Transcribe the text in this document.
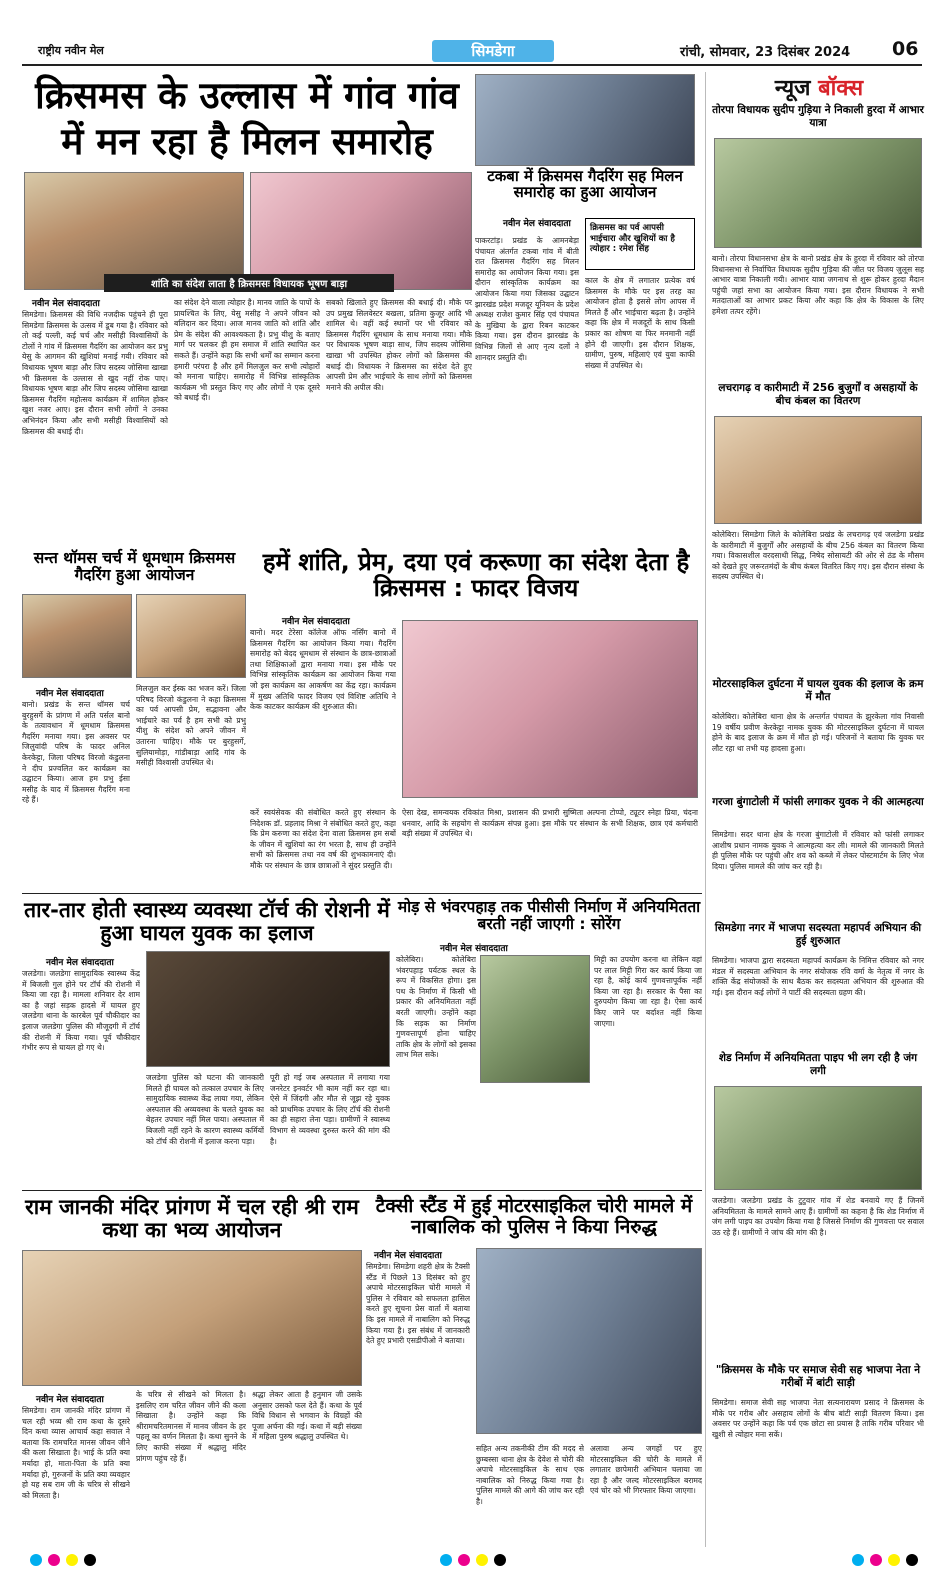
राष्ट्रीय नवीन मेल	सिमडेगा	रांची, सोमवार, 23 दिसंबर 2024 06
क्रिसमस के उल्लास में गांव गांव
में मन रहा है मिलन समारोह
शांति का संदेश लाता है क्रिसमसः विधायक भूषण बाड़ा
नवीन मेल संवाददाता
सिमडेगा। क्रिसमस की विधि नजदीक पहुंचने ही पूरा सिमडेगा क्रिसमस के उत्सव में डूब गया है। रविवार को तो कई पल्ली, कई चर्च और मसीही विश्वासियों के टोलों ने गांव में क्रिसमस गैदरिंग का आयोजन कर प्रभु येसु के आगमन की खुशियां मनाई गयी। रविवार को विधायक भूषण बाड़ा और जिप सदस्य जोसिमा खाखा भी क्रिसमस के उल्लास से खुद नहीं रोक पाए। विधायक भूषण बाड़ा और जिप सदस्य जोसिमा खाखा क्रिसमस गैदरिंग महोत्सव कार्यक्रम में शामिल होकर खुश नजर आए। इस दौरान सभी लोगों ने उनका अभिनंदन किया और सभी मसीही विश्वासियों को क्रिसमस की बधाई दी।
का संदेश देने वाला त्योहार है। मानव जाति के पापों के प्रायश्चित के लिए, येसु मसीह ने अपने जीवन को बलिदान कर दिया। आज मानव जाति को शांति और प्रेम के संदेश की आवश्यकता है। प्रभु यीशु के बताए मार्ग पर चलकर ही हम समाज में शांति स्थापित कर सकते हैं। उन्होंने कहा कि सभी धर्मों का सम्मान करना हमारी परंपरा है और हमें मिलजुल कर सभी त्योहारों को मनाना चाहिए। समारोह में विभिन्न सांस्कृतिक कार्यक्रम भी प्रस्तुत किए गए और लोगों ने एक दूसरे को बधाई दी।
सबको खिलाते हुए क्रिसमस की बधाई दी। मौके पर उप प्रमुख सिलवेस्टर बखला, प्रतिमा कुजूर आदि भी शामिल थे। वहीं कई स्थानों पर भी रविवार को क्रिसमस गैदरिंग धूमधाम के साथ मनाया गया। मौके पर विधायक भूषण बाड़ा साथ, जिप सदस्य जोसिमा खाखा भी उपस्थित होकर लोगों को क्रिसमस की बधाई दी। विधायक ने क्रिसमस का संदेश देते हुए आपसी प्रेम और भाईचारे के साथ लोगों को क्रिसमस मनाने की अपील की।
टकबा में क्रिसमस गैदरिंग सह मिलन समारोह का हुआ आयोजन
नवीन मेल संवाददाता	क्रिसमस का पर्व आपसी भाईचारा और खुशियों का है त्योहार : रमेश सिंह
पाकरटांड़। प्रखंड के आमनबेड़ा पंचायत अंतर्गत टकबा गांव में बीती रात क्रिसमस गैदरिंग सह मिलन समारोह का आयोजन किया गया। इस दौरान सांस्कृतिक कार्यक्रम का आयोजन किया गया जिसका उद्घाटन झारखंड प्रदेश मजदूर यूनियन के प्रदेश अध्यक्ष राजेश कुमार सिंह एवं पंचायत के मुखिया के द्वारा रिबन काटकर किया गया। इस दौरान झारखंड के विभिन्न जिलों से आए नृत्य दलों ने शानदार प्रस्तुति दी।
काल के क्षेत्र में लगातार प्रत्येक वर्ष क्रिसमस के मौके पर इस तरह का आयोजन होता है इससे लोग आपस में मिलते हैं और भाईचारा बढ़ता है। उन्होंने कहा कि क्षेत्र में मजदूरों के साथ किसी प्रकार का शोषण या फिर मनमानी नहीं होने दी जाएगी। इस दौरान शिक्षक, ग्रामीण, पुरुष, महिलाएं एवं युवा काफी संख्या में उपस्थित थे।
न्यूज बॉक्स
तोरपा विधायक सुदीप गुड़िया ने निकाली हुरदा में आभार यात्रा
बानो। तोरपा विधानसभा क्षेत्र के बानो प्रखंड क्षेत्र के हुरदा में रविवार को तोरपा विधानसभा से निर्वाचित विधायक सुदीप गुड़िया की जीत पर विजय जुलूस सह आभार यात्रा निकाली गयी। आभार यात्रा जगनाथ से शुरू होकर हुरदा मैदान पहुंची जहां सभा का आयोजन किया गया। इस दौरान विधायक ने सभी मतदाताओं का आभार प्रकट किया और कहा कि क्षेत्र के विकास के लिए हमेशा तत्पर रहेंगे।
लचरागढ़ व कारीमाटी में 256 बुजुर्गों व असहायों के बीच कंबल का वितरण
कोलेबिरा। सिमडेगा जिले के कोलेबिरा प्रखंड के लचरागढ़ एवं जलडेगा प्रखंड के कारीमाटी में बुजुर्गों और असहायों के बीच 256 कंबल का वितरण किया गया। विकासशील वरदसाथी सिद्ध, निषेद सोसायटी की ओर से ठंड के मौसम को देखते हुए जरूरतमंदों के बीच कंबल वितरित किए गए। इस दौरान संस्था के सदस्य उपस्थित थे।
मोटरसाइकिल दुर्घटना में घायल युवक की इलाज के क्रम में मौत
कोलेबिरा। कोलेबिरा थाना क्षेत्र के अन्तर्गत पंचायत के झुरकेला गांव निवासी 19 वर्षीय प्रवीण केरकेट्टा नामक युवक की मोटरसाइकिल दुर्घटना में घायल होने के बाद इलाज के क्रम में मौत हो गई। परिजनों ने बताया कि युवक घर लौट रहा था तभी यह हादसा हुआ।
गरजा बुंगाटोली में फांसी लगाकर युवक ने की आत्महत्या
सिमडेगा। सदर थाना क्षेत्र के गरजा बुंगाटोली में रविवार को फांसी लगाकर आशीष प्रधान नामक युवक ने आत्महत्या कर ली। मामले की जानकारी मिलते ही पुलिस मौके पर पहुंची और शव को कब्जे में लेकर पोस्टमार्टम के लिए भेज दिया। पुलिस मामले की जांच कर रही है।
सिमडेगा नगर में भाजपा सदस्यता महापर्व अभियान की हुई शुरुआत
सिमडेगा। भाजपा द्वारा सदस्यता महापर्व कार्यक्रम के निमित्त रविवार को नगर मंडल में सदस्यता अभियान के नगर संयोजक रवि वर्मा के नेतृत्व में नगर के शक्ति केंद्र संयोजकों के साथ बैठक कर सदस्यता अभियान की शुरुआत की गई। इस दौरान कई लोगों ने पार्टी की सदस्यता ग्रहण की।
शेड निर्माण में अनियमितता पाइप भी लग रही है जंग लगी
जलडेगा। जलडेगा प्रखंड के टुटुवार गांव में शेड बनवाये गए हैं जिनमें अनियमितता के मामले सामने आए हैं। ग्रामीणों का कहना है कि शेड निर्माण में जंग लगी पाइप का उपयोग किया गया है जिससे निर्माण की गुणवत्ता पर सवाल उठ रहे हैं। ग्रामीणों ने जांच की मांग की है।
"क्रिसमस के मौके पर समाज सेवी सह भाजपा नेता ने गरीबों में बांटी साड़ी
सिमडेगा। समाज सेवी सह भाजपा नेता सत्यनारायण प्रसाद ने क्रिसमस के मौके पर गरीब और असहाय लोगों के बीच बांटी साड़ी वितरण किया। इस अवसर पर उन्होंने कहा कि पर्व एक छोटा सा प्रयास है ताकि गरीब परिवार भी खुशी से त्योहार मना सकें।
सन्त थॉमस चर्च में धूमधाम क्रिसमस गैदरिंग हुआ आयोजन
नवीन मेल संवाददाता
बानो। प्रखंड के सन्त थॉमस चर्च बुरहुसर्गे के प्रांगण में अति पर्सल बानो के तत्वावधान में धूमधाम क्रिसमस गैदरिंग मनाया गया। इस अवसर पर जिलुवांदी परिष के फादर अनिल केरकेट्टा, जिला परिषद विरजो कंडुलना ने दीप प्रज्वलित कर कार्यक्रम का उद्घाटन किया। आज हम प्रभु ईसा मसीह के याद में क्रिसमस गैदरिंग मना रहे हैं।
मिलजुल कर ईस्क का भजन करें। जिला परिषद विरजो कंडुलना ने कहा क्रिसमस का पर्व आपसी प्रेम, सद्भावना और भाईचारे का पर्व है हम सभी को प्रभु यीशु के संदेश को अपने जीवन में उतारना चाहिए। मौके पर बुरहुसर्गे, सुलियामोड़ा, गांडीबाड़ा आदि गांव के मसीही विश्वासी उपस्थित थे।
हमें शांति, प्रेम, दया एवं करूणा का संदेश देता है क्रिसमस : फादर विजय
नवीन मेल संवाददाता
बानो। मदर टेरेसा कॉलेज ऑफ नर्सिंग बानो में क्रिसमस गैदरिंग का आयोजन किया गया। गैदरिंग समारोह को बेदद धूमधाम से संस्थान के छात्र-छात्राओं तथा शिक्षिकाओं द्वारा मनाया गया। इस मौके पर विभिन्न सांस्कृतिक कार्यक्रम का आयोजन किया गया जो इस कार्यक्रम का आकर्षण का केंद्र रहा। कार्यक्रम में मुख्य अतिथि फादर विजय एवं विशिष्ट अतिथि ने केक काटकर कार्यक्रम की शुरुआत की।
करें स्वयंसेवक की संबोधित करते हुए संस्थान के निदेशक डॉ. प्रहलाद मिश्रा ने संबोधित करते हुए, कहा कि प्रेम करुणा का संदेश देना वाला क्रिसमस हम सबों के जीवन में खुशियां का रंग भरता है, साथ ही उन्होंने सभी को क्रिसमस तथा नव वर्ष की शुभकामनाएं दी। मौके पर संस्थान के छात्र छात्राओं ने सुंदर प्रस्तुति दी।
ऐसा देख, समन्वयक रविकांत मिश्रा, प्रशासन की प्रभारी सुष्मिता अल्पना टोप्पो, ट्यूटर स्नेहा प्रिया, चंदना धनवार, आदि के सहयोग से कार्यक्रम संपन्न हुआ। इस मौके पर संस्थान के सभी शिक्षक, छात्र एवं कर्मचारी बड़ी संख्या में उपस्थित थे।
तार-तार होती स्वास्थ्य व्यवस्था टॉर्च की रोशनी में हुआ घायल युवक का इलाज
नवीन मेल संवाददाता
जलडेगा। जलडेगा सामुदायिक स्वास्थ्य केंद्र में बिजली गुल होने पर टॉर्च की रोशनी में किया जा रहा है। मामला शनिवार देर शाम का है जहां सड़क हादसे में घायल हुए जलडेगा थाना के कारबेल पूर्व चौकीदार का इलाज जलडेगा पुलिस की मौजूदगी में टॉर्च की रोशनी में किया गया। पूर्व चौकीदार गंभीर रूप से घायल हो गए थे।
जलडेगा पुलिस को घटना की जानकारी मिलते ही घायल को तत्काल उपचार के लिए सामुदायिक स्वास्थ्य केंद्र लाया गया, लेकिन अस्पताल की अव्यवस्था के चलते युवक का बेहतर उपचार नहीं मिल पाया। अस्पताल में बिजली नहीं रहने के कारण स्वास्थ्य कर्मियों को टॉर्च की रोशनी में इलाज करना पड़ा।
पूरी हो गई जब अस्पताल में लगाया गया जनरेटर इनवर्टर भी काम नहीं कर रहा था। ऐसे में जिंदगी और मौत से जूझ रहे युवक को प्राथमिक उपचार के लिए टॉर्च की रोशनी का ही सहारा लेना पड़ा। ग्रामीणों ने स्वास्थ्य विभाग से व्यवस्था दुरुस्त करने की मांग की है।
मोड़ से भंवरपहाड़ तक पीसीसी निर्माण में अनियमितता बरती नहीं जाएगी : सोरेंग
नवीन मेल संवाददाता
कोलेबिरा। कोलेबिरा भंवरपहाड़ पर्यटक स्थल के रूप में विकसित होगा। इस पथ के निर्माण में किसी भी प्रकार की अनियमितता नहीं बरती जाएगी। उन्होंने कहा कि सड़क का निर्माण गुणवत्तापूर्ण होना चाहिए ताकि क्षेत्र के लोगों को इसका लाभ मिल सके।
मिट्टी का उपयोग करना था लेकिन वहां पर लाल मिट्टी गिरा कर कार्य किया जा रहा है, कोई कार्य गुणवत्तापूर्वक नहीं किया जा रहा है। सरकार के पैसा का दुरुपयोग किया जा रहा है। ऐसा कार्य किए जाने पर बर्दाश्त नहीं किया जाएगा।
राम जानकी मंदिर प्रांगण में चल रही श्री राम कथा का भव्य आयोजन
नवीन मेल संवाददाता
सिमडेगा। राम जानकी मंदिर प्रांगण में चल रही भव्य श्री राम कथा के दूसरे दिन कथा व्यास आचार्य कहा सवाल ने बताया कि रामचरित मानस जीवन जीने की कला सिखाता है। भाई के प्रति क्या मर्यादा हो, माता-पिता के प्रति क्या मर्यादा हो, गुरुजनों के प्रति क्या व्यवहार हो यह सब राम जी के चरित्र से सीखने को मिलता है।
के चरित्र से सीखने को मिलता है। इसलिए राम चरित जीवन जीने की कला सिखाता है। उन्होंने कहा कि श्रीरामचरितमानस में मानव जीवन के हर पहलू का वर्णन मिलता है। कथा सुनने के लिए काफी संख्या में श्रद्धालु मंदिर प्रांगण पहुंच रहे हैं।
श्रद्धा लेकर आता है हनुमान जी उसके अनुसार उसको फल देते हैं। कथा के पूर्व विधि विधान से भगवान के विग्रहों की पूजा अर्चना की गई। कथा में बड़ी संख्या में महिला पुरुष श्रद्धालु उपस्थित थे।
टैक्सी स्टैंड में हुई मोटरसाइकिल चोरी मामले में नाबालिक को पुलिस ने किया निरुद्ध
नवीन मेल संवाददाता
सिमडेगा। सिमडेगा शहरी क्षेत्र के टैक्सी स्टैंड में पिछले 13 दिसंबर को हुए अपाचे मोटरसाइकिल चोरी मामले में पुलिस ने रविवार को सफलता हासिल करते हुए सूचना प्रेस वार्ता में बताया कि इस मामले में नाबालिग को निरुद्ध किया गया है। इस संबंध में जानकारी देते हुए प्रभारी एसडीपीओ ने बताया।
सहित अन्य तकनीकी टीम की मदद से छुम्बस्सा थाना क्षेत्र के देवेश से चोरी की अपाचे मोटरसाइकिल के साथ एक नाबालिक को निरुद्ध किया गया है। पुलिस मामले की आगे की जांच कर रही है।
अलावा अन्य जगहों पर हुए मोटरसाइकिल की चोरी के मामले में लगातार छापेमारी अभियान चलाया जा रहा है और जल्द मोटरसाइकिल बरामद एवं चोर को भी गिरफ्तार किया जाएगा।
